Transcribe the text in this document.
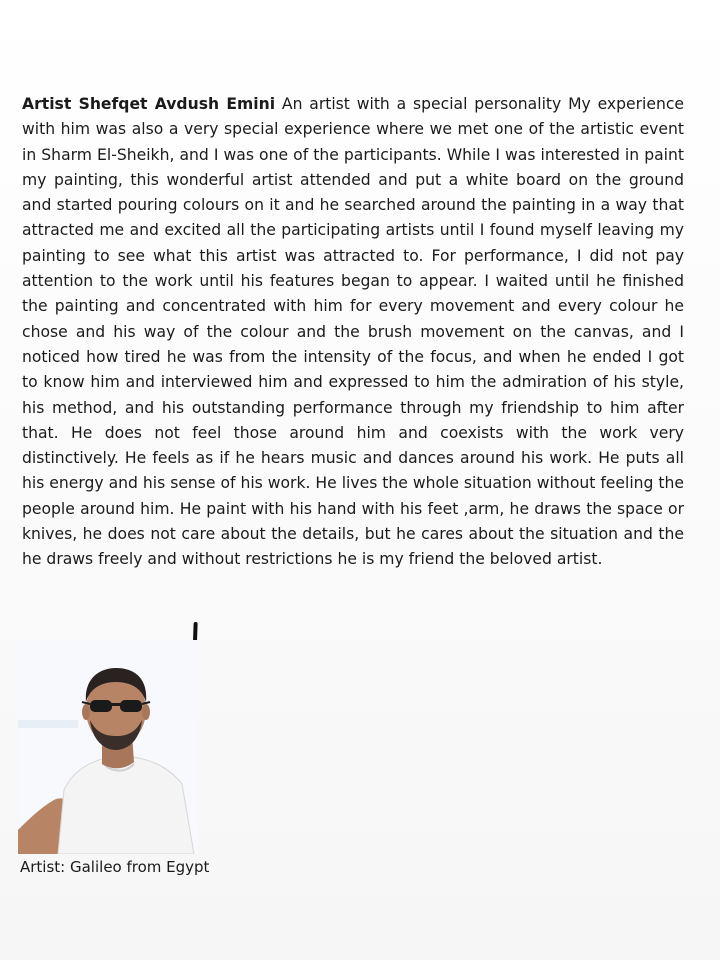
Artist Shefqet Avdush Emini An artist with a special personality My experience with him was also a very special experience where we met one of the artistic event in Sharm El-Sheikh, and I was one of the participants. While I was interested in paint my painting, this wonderful artist attended and put a white board on the ground and started pouring colours on it and he searched around the painting in a way that attracted me and excited all the participating artists until I found myself leaving my painting to see what this artist was attracted to. For performance, I did not pay attention to the work until his features began to appear. I waited until he finished the painting and concentrated with him for every movement and every colour he chose and his way of the colour and the brush movement on the canvas, and I noticed how tired he was from the intensity of the focus, and when he ended I got to know him and interviewed him and expressed to him the admiration of his style, his method, and his outstanding performance through my friendship to him after that. He does not feel those around him and coexists with the work very distinctively. He feels as if he hears music and dances around his work. He puts all his energy and his sense of his work. He lives the whole situation without feeling the people around him. He paint with his hand with his feet ,arm, he draws the space or knives, he does not care about the details, but he cares about the situation and the he draws freely and without restrictions he is my friend the beloved artist.

Artist: Galileo from Egypt
